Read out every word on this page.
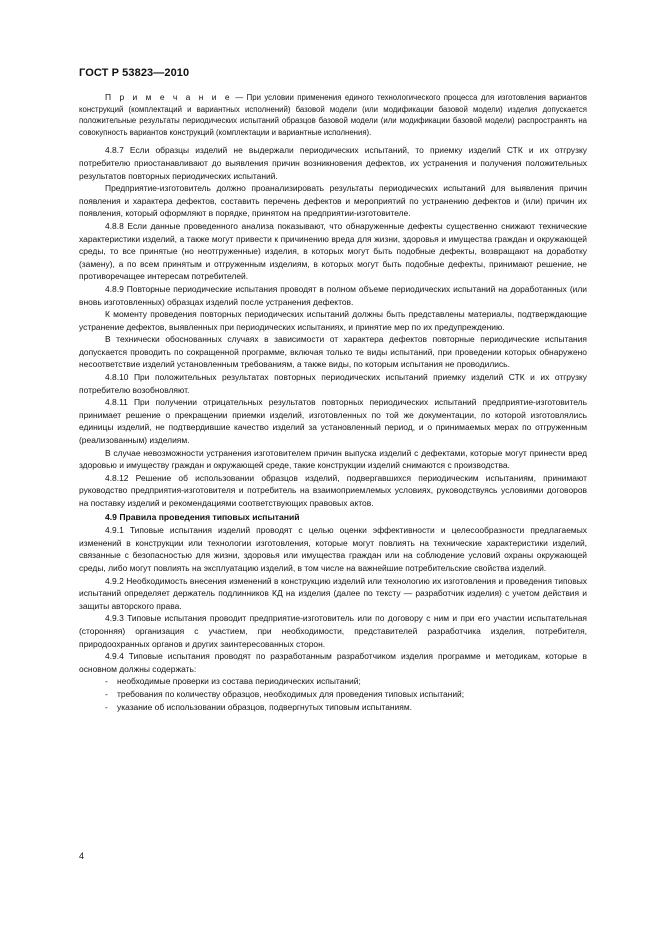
ГОСТ Р 53823—2010

П р и м е ч а н и е — При условии применения единого технологического процесса для изготовления вариантов конструкций (комплектаций и вариантных исполнений) базовой модели (или модификации базовой модели) изделия допускается положительные результаты периодических испытаний образцов базовой модели (или модификации базовой модели) распространять на совокупность вариантов конструкций (комплектации и вариантные исполнения).

4.8.7 Если образцы изделий не выдержали периодических испытаний, то приемку изделий СТК и их отгрузку потребителю приостанавливают до выявления причин возникновения дефектов, их устранения и получения положительных результатов повторных периодических испытаний.

Предприятие-изготовитель должно проанализировать результаты периодических испытаний для выявления причин появления и характера дефектов, составить перечень дефектов и мероприятий по устранению дефектов и (или) причин их появления, который оформляют в порядке, принятом на предприятии-изготовителе.

4.8.8 Если данные проведенного анализа показывают, что обнаруженные дефекты существенно снижают технические характеристики изделий, а также могут привести к причинению вреда для жизни, здоровья и имущества граждан и окружающей среды, то все принятые (но неотгруженные) изделия, в которых могут быть подобные дефекты, возвращают на доработку (замену), а по всем принятым и отгруженным изделиям, в которых могут быть подобные дефекты, принимают решение, не противоречащее интересам потребителей.

4.8.9 Повторные периодические испытания проводят в полном объеме периодических испытаний на доработанных (или вновь изготовленных) образцах изделий после устранения дефектов.

К моменту проведения повторных периодических испытаний должны быть представлены материалы, подтверждающие устранение дефектов, выявленных при периодических испытаниях, и принятие мер по их предупреждению.

В технически обоснованных случаях в зависимости от характера дефектов повторные периодические испытания допускается проводить по сокращенной программе, включая только те виды испытаний, при проведении которых обнаружено несоответствие изделий установленным требованиям, а также виды, по которым испытания не проводились.

4.8.10 При положительных результатах повторных периодических испытаний приемку изделий СТК и их отгрузку потребителю возобновляют.

4.8.11 При получении отрицательных результатов повторных периодических испытаний предприятие-изготовитель принимает решение о прекращении приемки изделий, изготовленных по той же документации, по которой изготовлялись единицы изделий, не подтвердившие качество изделий за установленный период, и о принимаемых мерах по отгруженным (реализованным) изделиям.

В случае невозможности устранения изготовителем причин выпуска изделий с дефектами, которые могут принести вред здоровью и имуществу граждан и окружающей среде, такие конструкции изделий снимаются с производства.

4.8.12 Решение об использовании образцов изделий, подвергавшихся периодическим испытаниям, принимают руководство предприятия-изготовителя и потребитель на взаимоприемлемых условиях, руководствуясь условиями договоров на поставку изделий и рекомендациями соответствующих правовых актов.

4.9 Правила проведения типовых испытаний

4.9.1 Типовые испытания изделий проводят с целью оценки эффективности и целесообразности предлагаемых изменений в конструкции или технологии изготовления, которые могут повлиять на технические характеристики изделий, связанные с безопасностью для жизни, здоровья или имущества граждан или на соблюдение условий охраны окружающей среды, либо могут повлиять на эксплуатацию изделий, в том числе на важнейшие потребительские свойства изделий.

4.9.2 Необходимость внесения изменений в конструкцию изделий или технологию их изготовления и проведения типовых испытаний определяет держатель подлинников КД на изделия (далее по тексту — разработчик изделия) с учетом действия и защиты авторского права.

4.9.3 Типовые испытания проводит предприятие-изготовитель или по договору с ним и при его участии испытательная (сторонняя) организация с участием, при необходимости, представителей разработчика изделия, потребителя, природоохранных органов и других заинтересованных сторон.

4.9.4 Типовые испытания проводят по разработанным разработчиком изделия программе и методикам, которые в основном должны содержать:

- необходимые проверки из состава периодических испытаний;
- требования по количеству образцов, необходимых для проведения типовых испытаний;
- указание об использовании образцов, подвергнутых типовым испытаниям.
4
